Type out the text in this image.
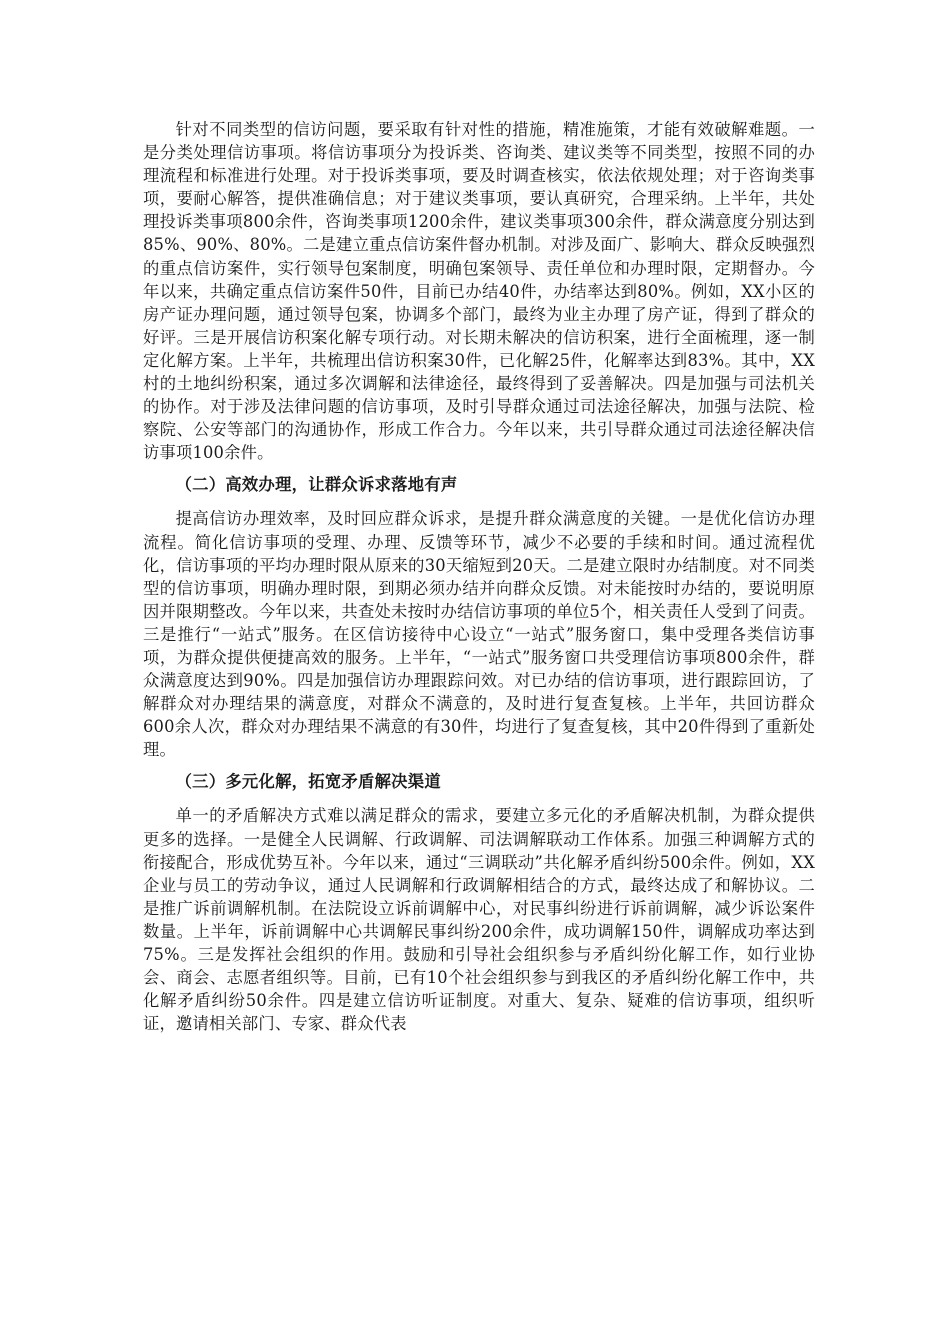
针对不同类型的信访问题，要采取有针对性的措施，精准施策，才能有效破解难题。一是分类处理信访事项。将信访事项分为投诉类、咨询类、建议类等不同类型，按照不同的办理流程和标准进行处理。对于投诉类事项，要及时调查核实，依法依规处理；对于咨询类事项，要耐心解答，提供准确信息；对于建议类事项，要认真研究，合理采纳。上半年，共处理投诉类事项800余件，咨询类事项1200余件，建议类事项300余件，群众满意度分别达到85%、90%、80%。二是建立重点信访案件督办机制。对涉及面广、影响大、群众反映强烈的重点信访案件，实行领导包案制度，明确包案领导、责任单位和办理时限，定期督办。今年以来，共确定重点信访案件50件，目前已办结40件，办结率达到80%。例如，XX小区的房产证办理问题，通过领导包案，协调多个部门，最终为业主办理了房产证，得到了群众的好评。三是开展信访积案化解专项行动。对长期未解决的信访积案，进行全面梳理，逐一制定化解方案。上半年，共梳理出信访积案30件，已化解25件，化解率达到83%。其中，XX村的土地纠纷积案，通过多次调解和法律途径，最终得到了妥善解决。四是加强与司法机关的协作。对于涉及法律问题的信访事项，及时引导群众通过司法途径解决，加强与法院、检察院、公安等部门的沟通协作，形成工作合力。今年以来，共引导群众通过司法途径解决信访事项100余件。

（二）高效办理，让群众诉求落地有声

提高信访办理效率，及时回应群众诉求，是提升群众满意度的关键。一是优化信访办理流程。简化信访事项的受理、办理、反馈等环节，减少不必要的手续和时间。通过流程优化，信访事项的平均办理时限从原来的30天缩短到20天。二是建立限时办结制度。对不同类型的信访事项，明确办理时限，到期必须办结并向群众反馈。对未能按时办结的，要说明原因并限期整改。今年以来，共查处未按时办结信访事项的单位5个，相关责任人受到了问责。三是推行“一站式”服务。在区信访接待中心设立“一站式”服务窗口，集中受理各类信访事项，为群众提供便捷高效的服务。上半年，“一站式”服务窗口共受理信访事项800余件，群众满意度达到90%。四是加强信访办理跟踪问效。对已办结的信访事项，进行跟踪回访，了解群众对办理结果的满意度，对群众不满意的，及时进行复查复核。上半年，共回访群众600余人次，群众对办理结果不满意的有30件，均进行了复查复核，其中20件得到了重新处理。

（三）多元化解，拓宽矛盾解决渠道

单一的矛盾解决方式难以满足群众的需求，要建立多元化的矛盾解决机制，为群众提供更多的选择。一是健全人民调解、行政调解、司法调解联动工作体系。加强三种调解方式的衔接配合，形成优势互补。今年以来，通过“三调联动”共化解矛盾纠纷500余件。例如，XX企业与员工的劳动争议，通过人民调解和行政调解相结合的方式，最终达成了和解协议。二是推广诉前调解机制。在法院设立诉前调解中心，对民事纠纷进行诉前调解，减少诉讼案件数量。上半年，诉前调解中心共调解民事纠纷200余件，成功调解150件，调解成功率达到75%。三是发挥社会组织的作用。鼓励和引导社会组织参与矛盾纠纷化解工作，如行业协会、商会、志愿者组织等。目前，已有10个社会组织参与到我区的矛盾纠纷化解工作中，共化解矛盾纠纷50余件。四是建立信访听证制度。对重大、复杂、疑难的信访事项，组织听证，邀请相关部门、专家、群众代表
